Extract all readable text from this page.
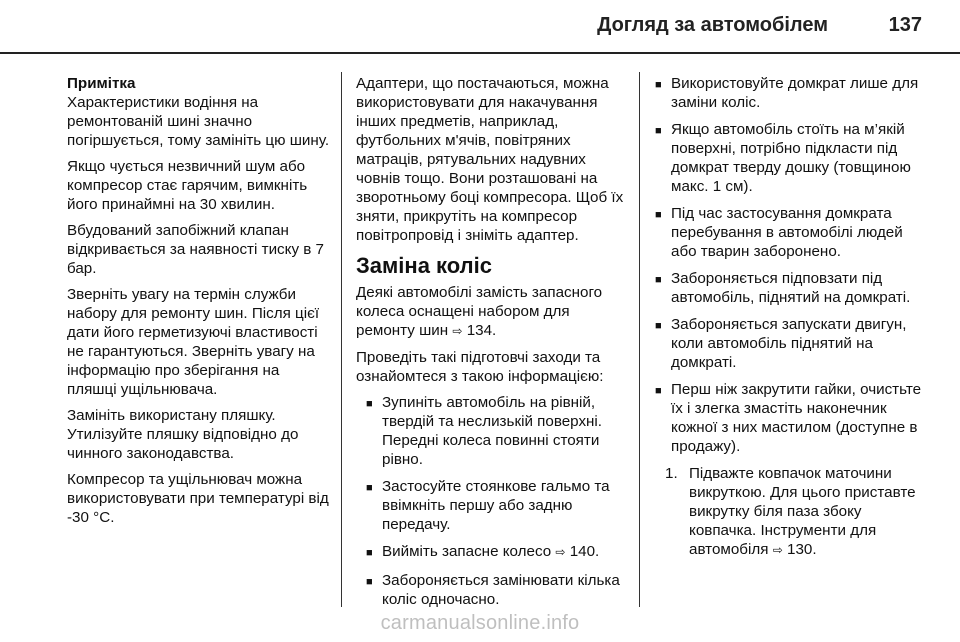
Догляд за автомобілем	137

Примітка

Характеристики водіння на ремонтованій шині значно погіршується, тому замініть цю шину.

Якщо чується незвичний шум або компресор стає гарячим, вимкніть його принаймні на 30 хвилин.

Вбудований запобіжний клапан відкривається за наявності тиску в 7 бар.

Зверніть увагу на термін служби набору для ремонту шин. Після цієї дати його герметизуючі властивості не гарантуються. Зверніть увагу на інформацію про зберігання на пляшці ущільнювача.

Замініть використану пляшку. Утилізуйте пляшку відповідно до чинного законодавства.

Компресор та ущільнювач можна використовувати при температурі від -30 °C.

Адаптери, що постачаються, можна використовувати для накачування інших предметів, наприклад, футбольних м'ячів, повітряних матраців, рятувальних надувних човнів тощо. Вони розташовані на зворотньому боці компресора. Щоб їх зняти, прикрутіть на компресор повітропровід і зніміть адаптер.

Заміна коліс

Деякі автомобілі замість запасного колеса оснащені набором для ремонту шин ⇨ 134.

Проведіть такі підготовчі заходи та ознайомтеся з такою інформацією:

■ Зупиніть автомобіль на рівній, твердій та неслизькій поверхні. Передні колеса повинні стояти рівно.
■ Застосуйте стоянкове гальмо та ввімкніть першу або задню передачу.
■ Вийміть запасне колесо ⇨ 140.
■ Забороняється замінювати кілька коліс одночасно.
■ Використовуйте домкрат лише для заміни коліс.
■ Якщо автомобіль стоїть на м’якій поверхні, потрібно підкласти під домкрат тверду дошку (товщиною макс. 1 см).
■ Під час застосування домкрата перебування в автомобілі людей або тварин заборонено.
■ Забороняється підповзати під автомобіль, піднятий на домкраті.
■ Забороняється запускати двигун, коли автомобіль піднятий на домкраті.
■ Перш ніж закрутити гайки, очистьте їх і злегка змастіть наконечник кожної з них мастилом (доступне в продажу).
1. Підважте ковпачок маточини викруткою. Для цього приставте викрутку біля паза збоку ковпачка. Інструменти для автомобіля ⇨ 130.
carmanualsonline.info
